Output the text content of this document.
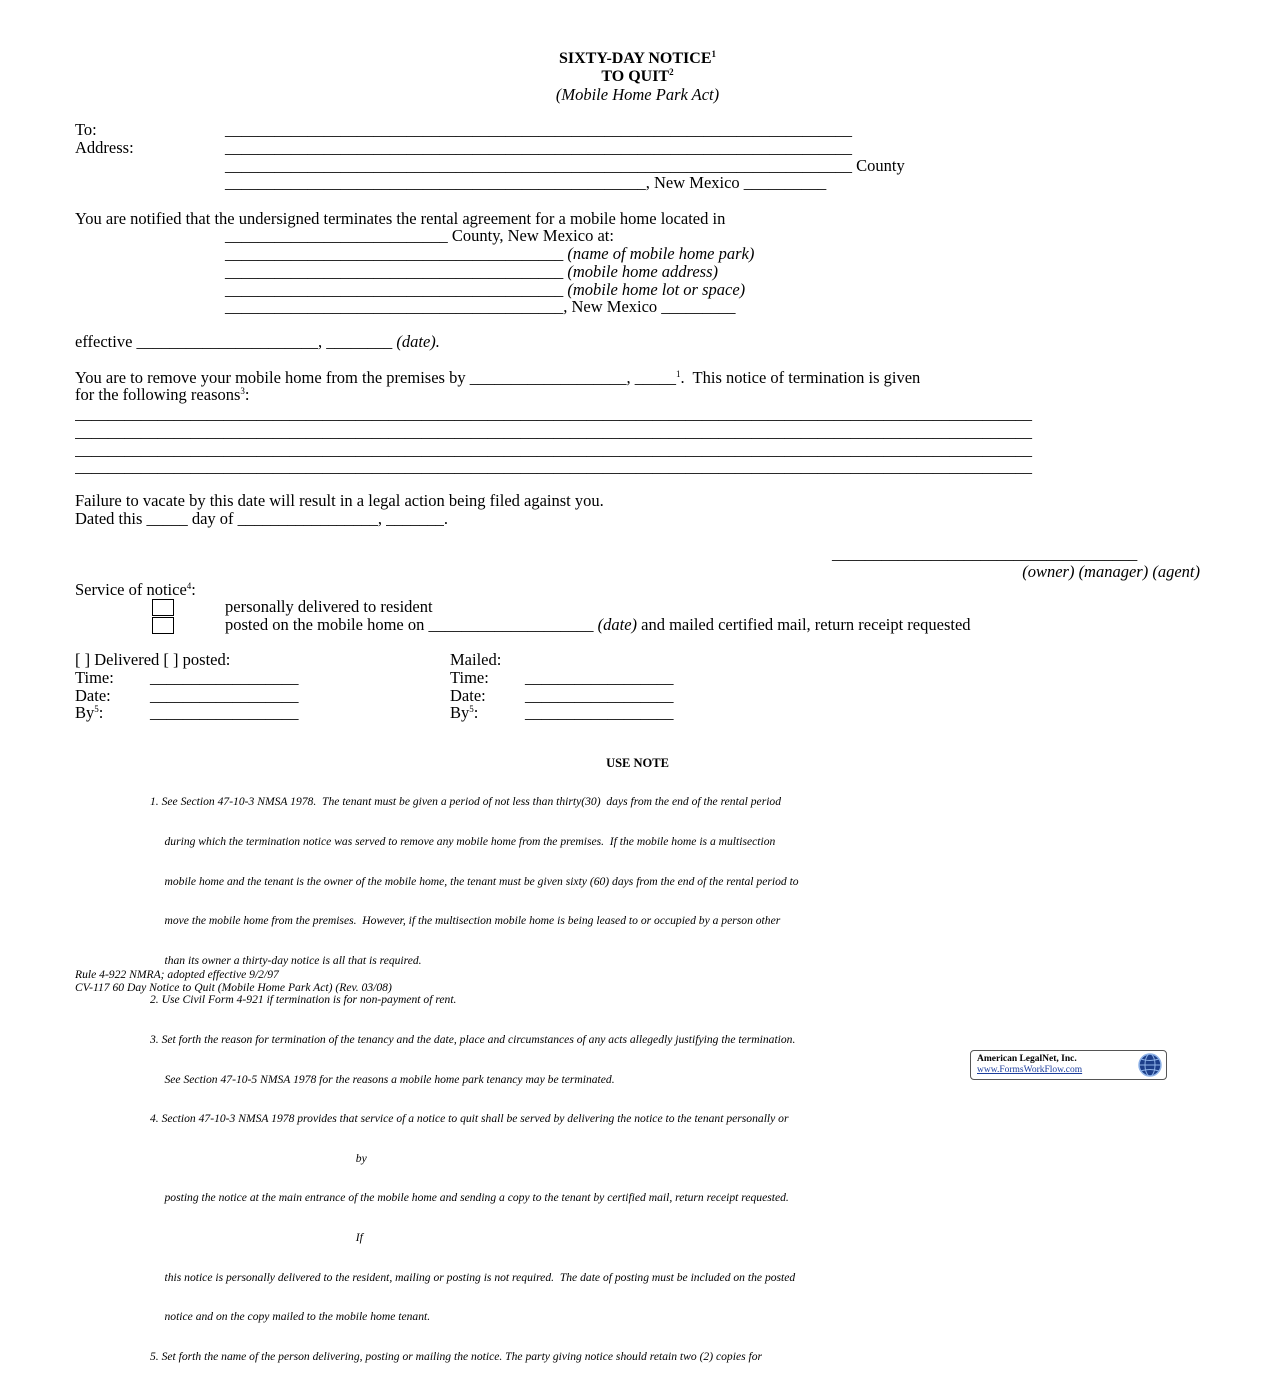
SIXTY-DAY NOTICE$^1$
TO QUIT$^2$
(Mobile Home Park Act)
To:
Address:
____________________________________________________________________________
____________________________________________________________________________
____________________________________________________________________________ County
___________________________________________________, New Mexico __________
You are notified that the undersigned terminates the rental agreement for a mobile home located in
___________________________ County, New Mexico at:
_________________________________________ (name of mobile home park)
_________________________________________ (mobile home address)
_________________________________________ (mobile home lot or space)
_________________________________________, New Mexico _________
effective ______________________, ________ (date).
You are to remove your mobile home from the premises by ___________________, _____$^1$.  This notice of termination is given
for the following reasons$^3$:
____________________________________________________________________________________________________________________
____________________________________________________________________________________________________________________
____________________________________________________________________________________________________________________
____________________________________________________________________________________________________________________
Failure to vacate by this date will result in a legal action being filed against you.
Dated this _____ day of _________________, _______.
_____________________________________
(owner) (manager) (agent)
Service of notice$^4$:
personally delivered to resident
posted on the mobile home on ____________________ (date) and mailed certified mail, return receipt requested
[ ] Delivered [ ] posted:
Time:
Date:
By$^5$:
__________________
__________________
__________________
Mailed:
Time:
Date:
By$^5$:
__________________
__________________
__________________
USE NOTE

1. See Section 47-10-3 NMSA 1978.  The tenant must be given a period of not less than thirty(30)  days from the end of the rental period

during which the termination notice was served to remove any mobile home from the premises.  If the mobile home is a multisection

mobile home and the tenant is the owner of the mobile home, the tenant must be given sixty (60) days from the end of the rental period to

move the mobile home from the premises.  However, if the multisection mobile home is being leased to or occupied by a person other

than its owner a thirty-day notice is all that is required.

2. Use Civil Form 4-921 if termination is for non-payment of rent.

3. Set forth the reason for termination of the tenancy and the date, place and circumstances of any acts allegedly justifying the termination.

See Section 47-10-5 NMSA 1978 for the reasons a mobile home park tenancy may be terminated.

4. Section 47-10-3 NMSA 1978 provides that service of a notice to quit shall be served by delivering the notice to the tenant personally or

by

posting the notice at the main entrance of the mobile home and sending a copy to the tenant by certified mail, return receipt requested.

If

this notice is personally delivered to the resident, mailing or posting is not required.  The date of posting must be included on the posted

notice and on the copy mailed to the mobile home tenant.

5. Set forth the name of the person delivering, posting or mailing the notice. The party giving notice should retain two (2) copies for

Rule 4-922 NMRA; adopted effective 9/2/97
CV-117 60 Day Notice to Quit (Mobile Home Park Act) (Rev. 03/08)
American LegalNet, Inc.
www.FormsWorkFlow.com
